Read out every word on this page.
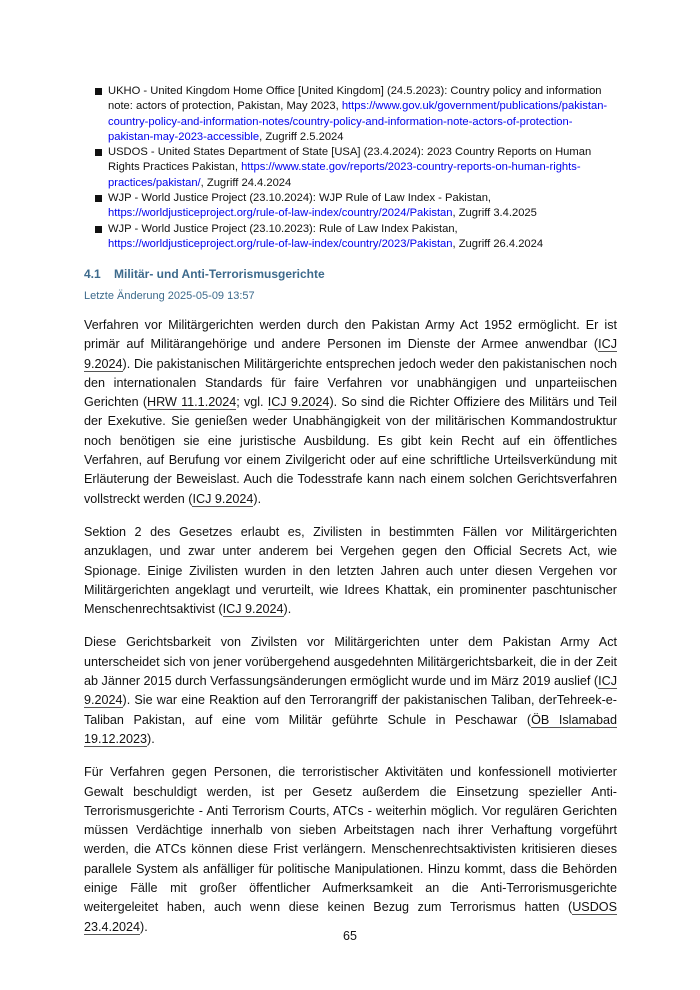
UKHO - United Kingdom Home Office [United Kingdom] (24.5.2023): Country policy and information note: actors of protection, Pakistan, May 2023, https://www.gov.uk/government/publications/pakistan-country-policy-and-information-notes/country-policy-and-information-note-actors-of-protection-pakistan-may-2023-accessible, Zugriff 2.5.2024
USDOS - United States Department of State [USA] (23.4.2024): 2023 Country Reports on Human Rights Practices Pakistan, https://www.state.gov/reports/2023-country-reports-on-human-rights-practices/pakistan/, Zugriff 24.4.2024
WJP - World Justice Project (23.10.2024): WJP Rule of Law Index - Pakistan, https://worldjusticeproject.org/rule-of-law-index/country/2024/Pakistan, Zugriff 3.4.2025
WJP - World Justice Project (23.10.2023): Rule of Law Index Pakistan, https://worldjusticeproject.org/rule-of-law-index/country/2023/Pakistan, Zugriff 26.4.2024
4.1 Militär- und Anti-Terrorismusgerichte
Letzte Änderung 2025-05-09 13:57

Verfahren vor Militärgerichten werden durch den Pakistan Army Act 1952 ermöglicht. Er ist primär auf Militärangehörige und andere Personen im Dienste der Armee anwendbar (ICJ 9.2024). Die pakistanischen Militärgerichte entsprechen jedoch weder den pakistanischen noch den internationalen Standards für faire Verfahren vor unabhängigen und unparteiischen Gerichten (HRW 11.1.2024; vgl. ICJ 9.2024). So sind die Richter Offiziere des Militärs und Teil der Exekutive. Sie genießen weder Unabhängigkeit von der militärischen Kommandostruktur noch benötigen sie eine juristische Ausbildung. Es gibt kein Recht auf ein öffentliches Verfahren, auf Berufung vor einem Zivilgericht oder auf eine schriftliche Urteilsverkündung mit Erläuterung der Beweislast. Auch die Todesstrafe kann nach einem solchen Gerichtsverfahren vollstreckt werden (ICJ 9.2024).

Sektion 2 des Gesetzes erlaubt es, Zivilisten in bestimmten Fällen vor Militärgerichten anzuklagen, und zwar unter anderem bei Vergehen gegen den Official Secrets Act, wie Spionage. Einige Zivilisten wurden in den letzten Jahren auch unter diesen Vergehen vor Militärgerichten angeklagt und verurteilt, wie Idrees Khattak, ein prominenter paschtunischer Menschenrechtsaktivist (ICJ 9.2024).

Diese Gerichtsbarkeit von Zivilsten vor Militärgerichten unter dem Pakistan Army Act unterscheidet sich von jener vorübergehend ausgedehnten Militärgerichtsbarkeit, die in der Zeit ab Jänner 2015 durch Verfassungsänderungen ermöglicht wurde und im März 2019 auslief (ICJ 9.2024). Sie war eine Reaktion auf den Terrorangriff der pakistanischen Taliban, derTehreek-e-Taliban Pakistan, auf eine vom Militär geführte Schule in Peschawar (ÖB Islamabad 19.12.2023).

Für Verfahren gegen Personen, die terroristischer Aktivitäten und konfessionell motivierter Gewalt beschuldigt werden, ist per Gesetz außerdem die Einsetzung spezieller Anti-Terrorismusgerichte - Anti Terrorism Courts, ATCs - weiterhin möglich. Vor regulären Gerichten müssen Verdächtige innerhalb von sieben Arbeitstagen nach ihrer Verhaftung vorgeführt werden, die ATCs können diese Frist verlängern. Menschenrechtsaktivisten kritisieren dieses parallele System als anfälliger für politische Manipulationen. Hinzu kommt, dass die Behörden einige Fälle mit großer öffentlicher Aufmerksamkeit an die Anti-Terrorismusgerichte weitergeleitet haben, auch wenn diese keinen Bezug zum Terrorismus hatten (USDOS 23.4.2024).

65
